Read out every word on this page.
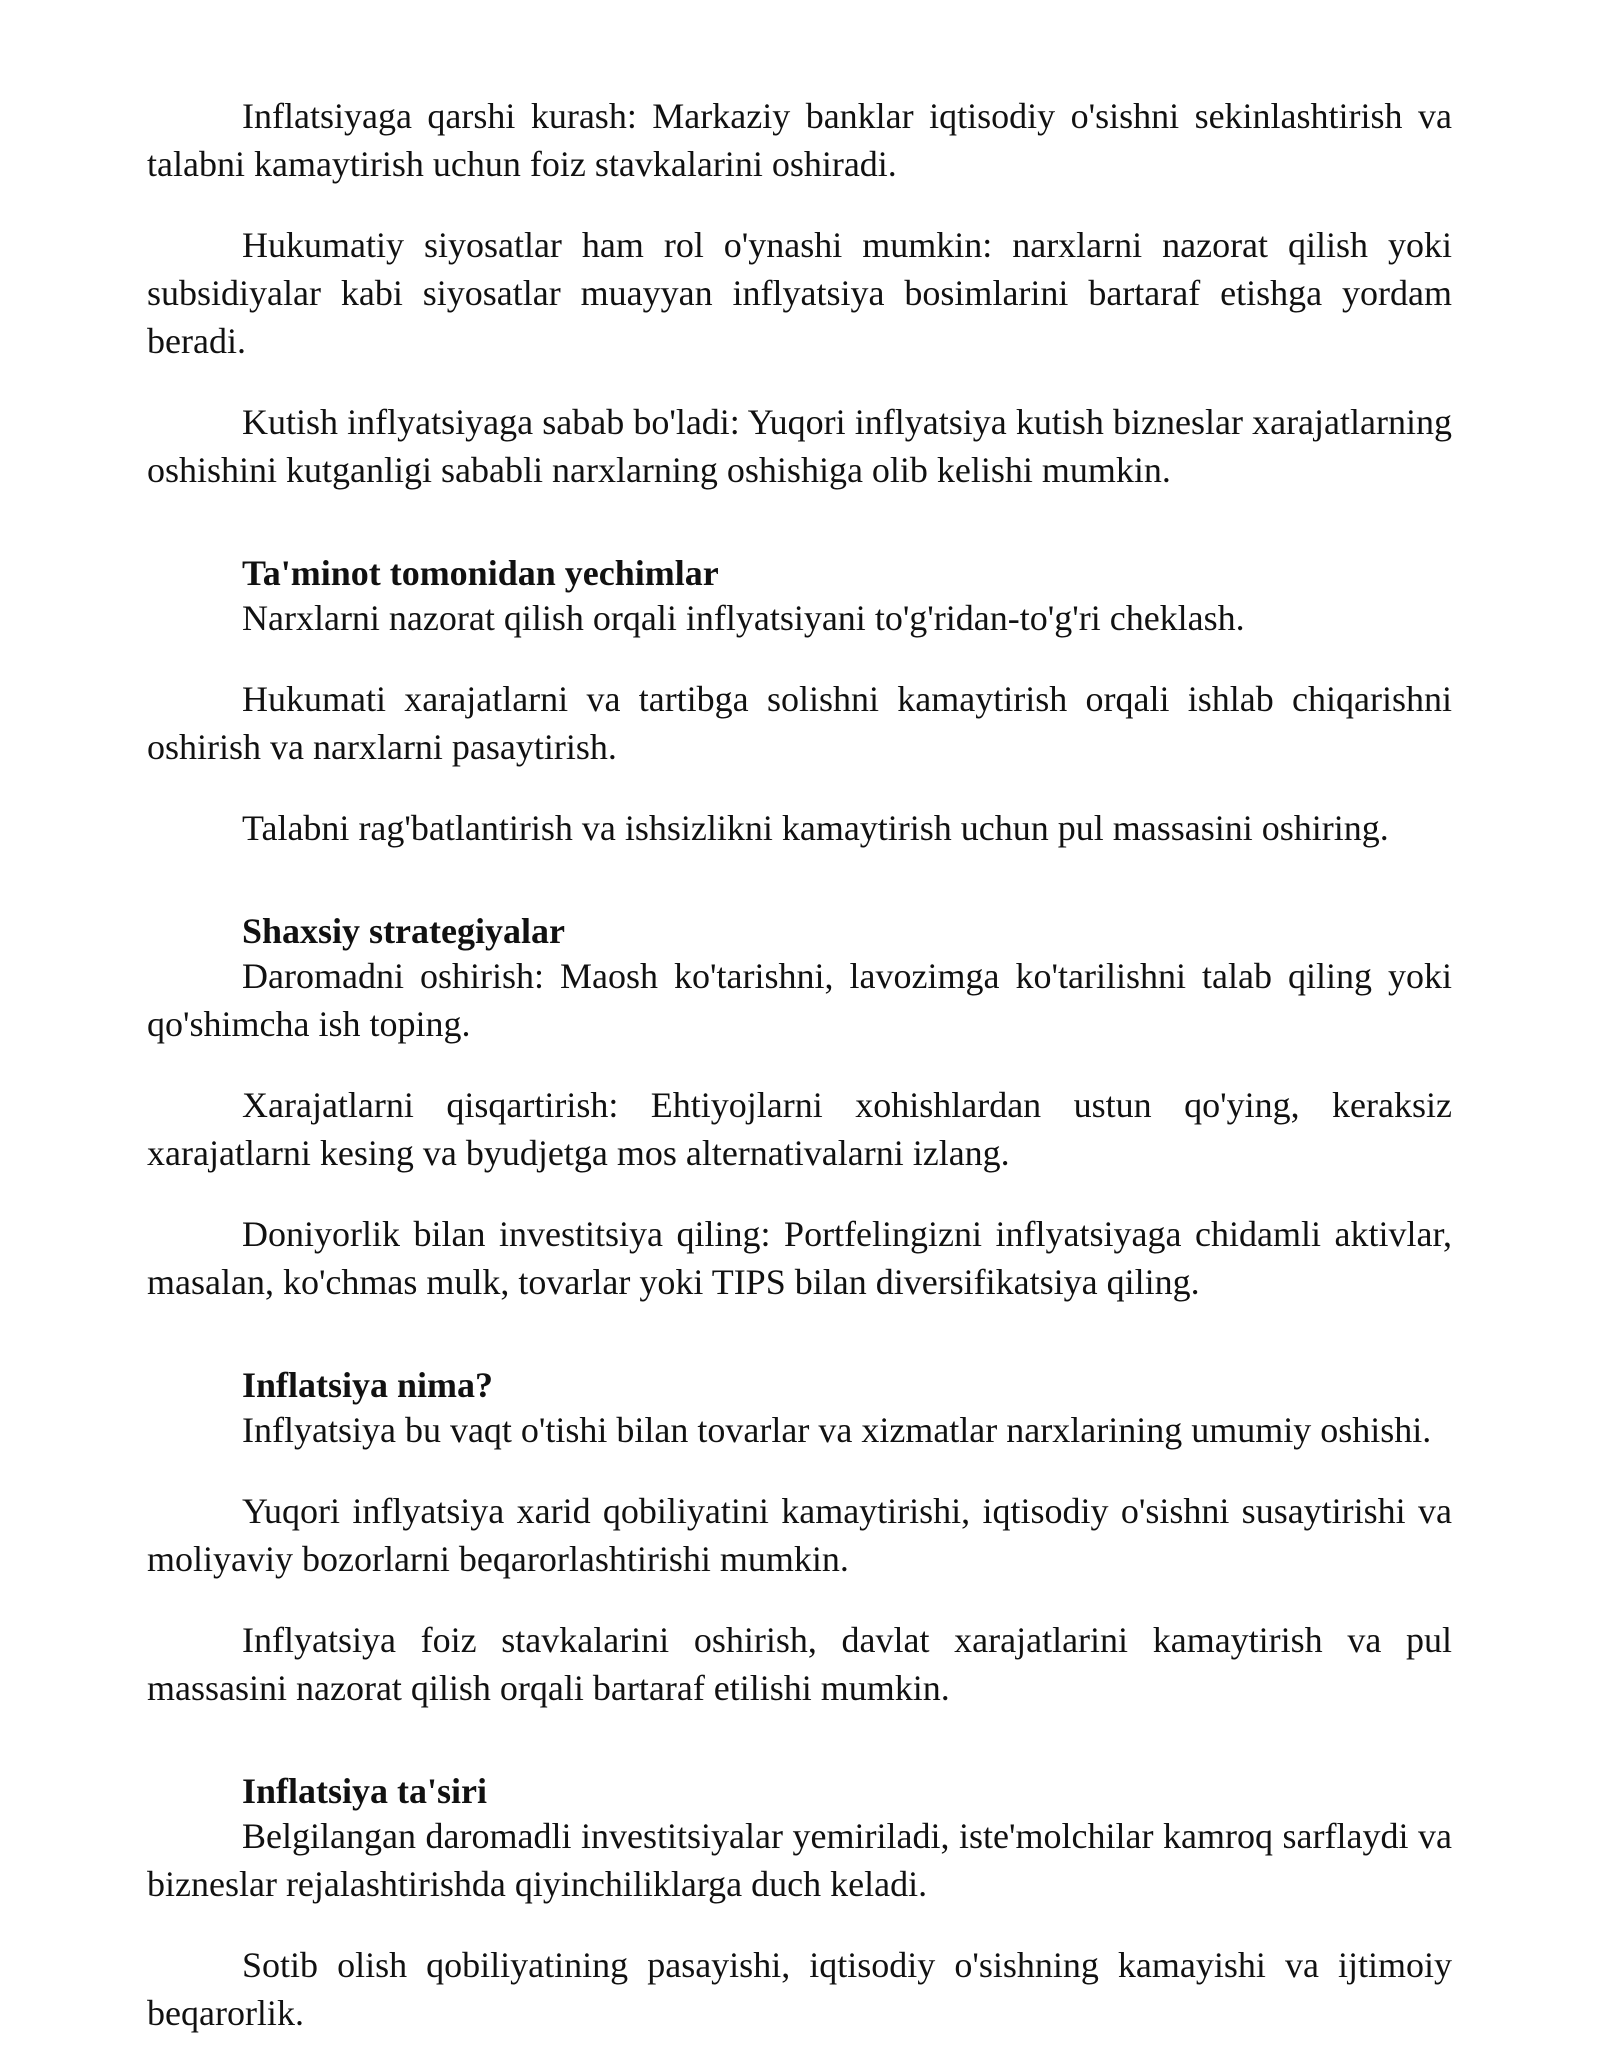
Inflatsiyaga qarshi kurash: Markaziy banklar iqtisodiy o'sishni sekinlashtirish va talabni kamaytirish uchun foiz stavkalarini oshiradi.

Hukumatiy siyosatlar ham rol o'ynashi mumkin: narxlarni nazorat qilish yoki subsidiyalar kabi siyosatlar muayyan inflyatsiya bosimlarini bartaraf etishga yordam beradi.

Kutish inflyatsiyaga sabab bo'ladi: Yuqori inflyatsiya kutish bizneslar xarajatlarning oshishini kutganligi sababli narxlarning oshishiga olib kelishi mumkin.

Ta'minot tomonidan yechimlar

Narxlarni nazorat qilish orqali inflyatsiyani to'g'ridan-to'g'ri cheklash.

Hukumati xarajatlarni va tartibga solishni kamaytirish orqali ishlab chiqarishni oshirish va narxlarni pasaytirish.

Talabni rag'batlantirish va ishsizlikni kamaytirish uchun pul massasini oshiring.

Shaxsiy strategiyalar

Daromadni oshirish: Maosh ko'tarishni, lavozimga ko'tarilishni talab qiling yoki qo'shimcha ish toping.

Xarajatlarni qisqartirish: Ehtiyojlarni xohishlardan ustun qo'ying, keraksiz xarajatlarni kesing va byudjetga mos alternativalarni izlang.

Doniyorlik bilan investitsiya qiling: Portfelingizni inflyatsiyaga chidamli aktivlar, masalan, ko'chmas mulk, tovarlar yoki TIPS bilan diversifikatsiya qiling.

Inflatsiya nima?

Inflyatsiya bu vaqt o'tishi bilan tovarlar va xizmatlar narxlarining umumiy oshishi.

Yuqori inflyatsiya xarid qobiliyatini kamaytirishi, iqtisodiy o'sishni susaytirishi va moliyaviy bozorlarni beqarorlashtirishi mumkin.

Inflyatsiya foiz stavkalarini oshirish, davlat xarajatlarini kamaytirish va pul massasini nazorat qilish orqali bartaraf etilishi mumkin.

Inflatsiya ta'siri

Belgilangan daromadli investitsiyalar yemiriladi, iste'molchilar kamroq sarflaydi va bizneslar rejalashtirishda qiyinchiliklarga duch keladi.

Sotib olish qobiliyatining pasayishi, iqtisodiy o'sishning kamayishi va ijtimoiy beqarorlik.
